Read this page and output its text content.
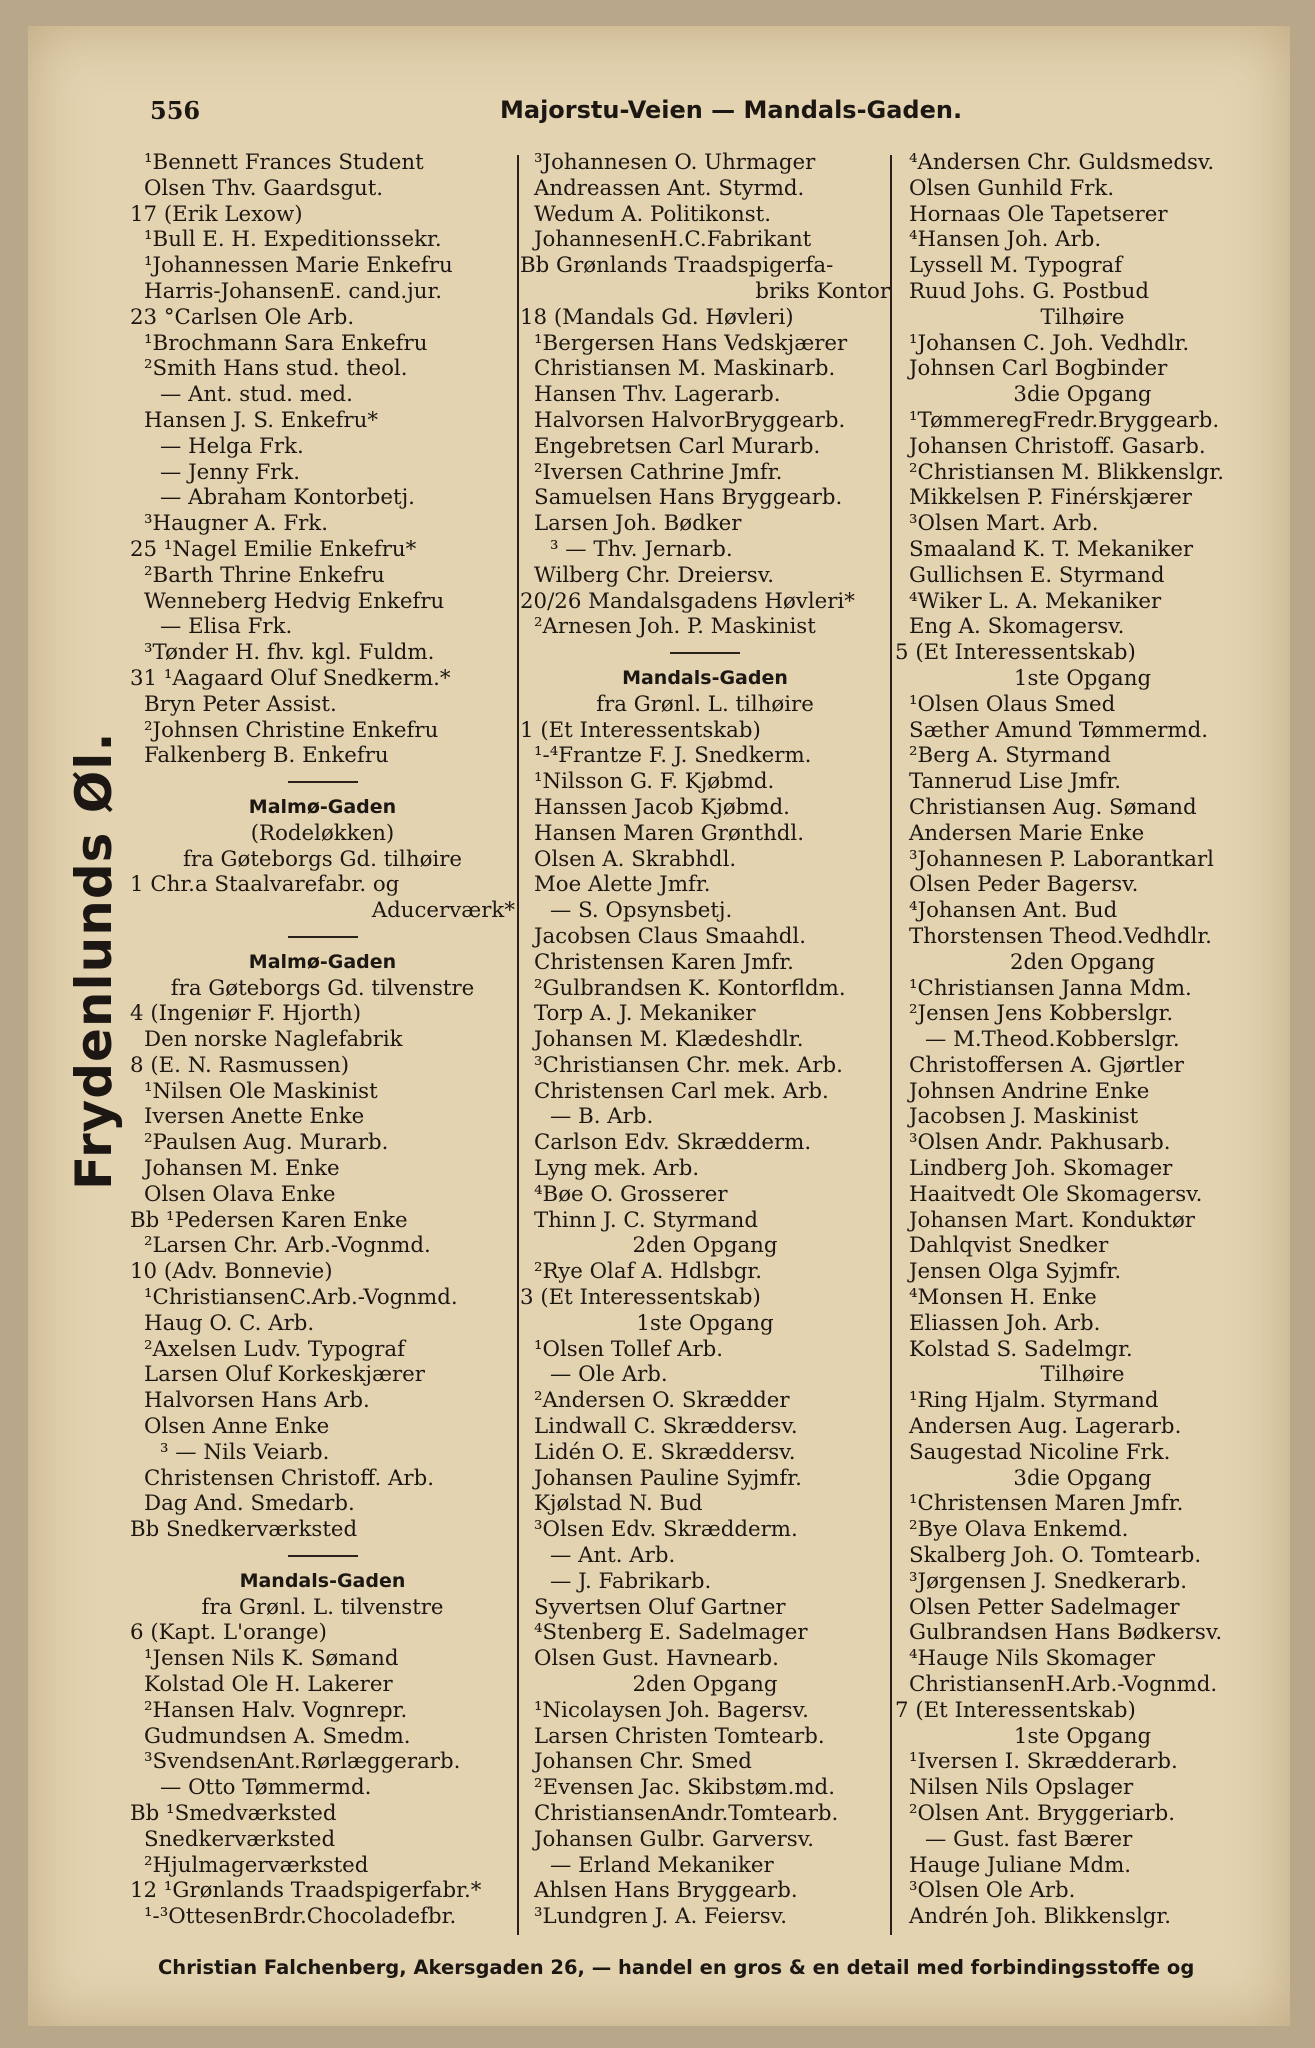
556	Majorstu-Veien — Mandals-Gaden.
¹Bennett Frances Student
Olsen Thv. Gaardsgut.
17 (Erik Lexow)
¹Bull E. H. Expeditionssekr.
¹Johannessen Marie Enkefru
Harris-JohansenE. cand.jur.
23 °Carlsen Ole Arb.
¹Brochmann Sara Enkefru
²Smith Hans stud. theol.
— Ant. stud. med.
Hansen J. S. Enkefru*
— Helga Frk.
— Jenny Frk.
— Abraham Kontorbetj.
³Haugner A. Frk.
25 ¹Nagel Emilie Enkefru*
²Barth Thrine Enkefru
Wenneberg Hedvig Enkefru
— Elisa Frk.
³Tønder H. fhv. kgl. Fuldm.
31 ¹Aagaard Oluf Snedkerm.*
Bryn Peter Assist.
²Johnsen Christine Enkefru
Falkenberg B. Enkefru
Malmø-Gaden
(Rodeløkken)
fra Gøteborgs Gd. tilhøire
1 Chr.a Staalvarefabr. og
Aducerværk*
Malmø-Gaden
fra Gøteborgs Gd. tilvenstre
4 (Ingeniør F. Hjorth)
Den norske Naglefabrik
8 (E. N. Rasmussen)
¹Nilsen Ole Maskinist
Iversen Anette Enke
²Paulsen Aug. Murarb.
Johansen M. Enke
Olsen Olava Enke
Bb ¹Pedersen Karen Enke
²Larsen Chr. Arb.-Vognmd.
10 (Adv. Bonnevie)
¹ChristiansenC.Arb.-Vognmd.
Haug O. C. Arb.
²Axelsen Ludv. Typograf
Larsen Oluf Korkeskjærer
Halvorsen Hans Arb.
Olsen Anne Enke
³ — Nils Veiarb.
Christensen Christoff. Arb.
Dag And. Smedarb.
Bb Snedkerværksted
Mandals-Gaden
fra Grønl. L. tilvenstre
6 (Kapt. L'orange)
¹Jensen Nils K. Sømand
Kolstad Ole H. Lakerer
²Hansen Halv. Vognrepr.
Gudmundsen A. Smedm.
³SvendsenAnt.Rørlæggerarb.
— Otto Tømmermd.
Bb ¹Smedværksted
Snedkerværksted
²Hjulmagerværksted
12 ¹Grønlands Traadspigerfabr.*
¹-³OttesenBrdr.Chocoladefbr.
³Johannesen O. Uhrmager
Andreassen Ant. Styrmd.
Wedum A. Politikonst.
JohannesenH.C.Fabrikant
Bb Grønlands Traadspigerfa-
briks Kontor
18 (Mandals Gd. Høvleri)
¹Bergersen Hans Vedskjærer
Christiansen M. Maskinarb.
Hansen Thv. Lagerarb.
Halvorsen HalvorBryggearb.
Engebretsen Carl Murarb.
²Iversen Cathrine Jmfr.
Samuelsen Hans Bryggearb.
Larsen Joh. Bødker
³ — Thv. Jernarb.
Wilberg Chr. Dreiersv.
20/26 Mandalsgadens Høvleri*
²Arnesen Joh. P. Maskinist
Mandals-Gaden
fra Grønl. L. tilhøire
1 (Et Interessentskab)
¹-⁴Frantze F. J. Snedkerm.
¹Nilsson G. F. Kjøbmd.
Hanssen Jacob Kjøbmd.
Hansen Maren Grønthdl.
Olsen A. Skrabhdl.
Moe Alette Jmfr.
— S. Opsynsbetj.
Jacobsen Claus Smaahdl.
Christensen Karen Jmfr.
²Gulbrandsen K. Kontorfldm.
Torp A. J. Mekaniker
Johansen M. Klædeshdlr.
³Christiansen Chr. mek. Arb.
Christensen Carl mek. Arb.
— B. Arb.
Carlson Edv. Skrædderm.
Lyng mek. Arb.
⁴Bøe O. Grosserer
Thinn J. C. Styrmand
2den Opgang
²Rye Olaf A. Hdlsbgr.
3 (Et Interessentskab)
1ste Opgang
¹Olsen Tollef Arb.
— Ole Arb.
²Andersen O. Skrædder
Lindwall C. Skræddersv.
Lidén O. E. Skræddersv.
Johansen Pauline Syjmfr.
Kjølstad N. Bud
³Olsen Edv. Skrædderm.
— Ant. Arb.
— J. Fabrikarb.
Syvertsen Oluf Gartner
⁴Stenberg E. Sadelmager
Olsen Gust. Havnearb.
2den Opgang
¹Nicolaysen Joh. Bagersv.
Larsen Christen Tomtearb.
Johansen Chr. Smed
²Evensen Jac. Skibstøm.md.
ChristiansenAndr.Tomtearb.
Johansen Gulbr. Garversv.
— Erland Mekaniker
Ahlsen Hans Bryggearb.
³Lundgren J. A. Feiersv.
⁴Andersen Chr. Guldsmedsv.
Olsen Gunhild Frk.
Hornaas Ole Tapetserer
⁴Hansen Joh. Arb.
Lyssell M. Typograf
Ruud Johs. G. Postbud
Tilhøire
¹Johansen C. Joh. Vedhdlr.
Johnsen Carl Bogbinder
3die Opgang
¹TømmeregFredr.Bryggearb.
Johansen Christoff. Gasarb.
²Christiansen M. Blikkenslgr.
Mikkelsen P. Finérskjærer
³Olsen Mart. Arb.
Smaaland K. T. Mekaniker
Gullichsen E. Styrmand
⁴Wiker L. A. Mekaniker
Eng A. Skomagersv.
5 (Et Interessentskab)
1ste Opgang
¹Olsen Olaus Smed
Sæther Amund Tømmermd.
²Berg A. Styrmand
Tannerud Lise Jmfr.
Christiansen Aug. Sømand
Andersen Marie Enke
³Johannesen P. Laborantkarl
Olsen Peder Bagersv.
⁴Johansen Ant. Bud
Thorstensen Theod.Vedhdlr.
2den Opgang
¹Christiansen Janna Mdm.
²Jensen Jens Kobberslgr.
— M.Theod.Kobberslgr.
Christoffersen A. Gjørtler
Johnsen Andrine Enke
Jacobsen J. Maskinist
³Olsen Andr. Pakhusarb.
Lindberg Joh. Skomager
Haaitvedt Ole Skomagersv.
Johansen Mart. Konduktør
Dahlqvist Snedker
Jensen Olga Syjmfr.
⁴Monsen H. Enke
Eliassen Joh. Arb.
Kolstad S. Sadelmgr.
Tilhøire
¹Ring Hjalm. Styrmand
Andersen Aug. Lagerarb.
Saugestad Nicoline Frk.
3die Opgang
¹Christensen Maren Jmfr.
²Bye Olava Enkemd.
Skalberg Joh. O. Tomtearb.
³Jørgensen J. Snedkerarb.
Olsen Petter Sadelmager
Gulbrandsen Hans Bødkersv.
⁴Hauge Nils Skomager
ChristiansenH.Arb.-Vognmd.
7 (Et Interessentskab)
1ste Opgang
¹Iversen I. Skrædderarb.
Nilsen Nils Opslager
²Olsen Ant. Bryggeriarb.
— Gust. fast Bærer
Hauge Juliane Mdm.
³Olsen Ole Arb.
Andrén Joh. Blikkenslgr.
Frydenlunds Øl.
Christian Falchenberg, Akersgaden 26, — handel en gros & en detail med forbindingsstoffe og
